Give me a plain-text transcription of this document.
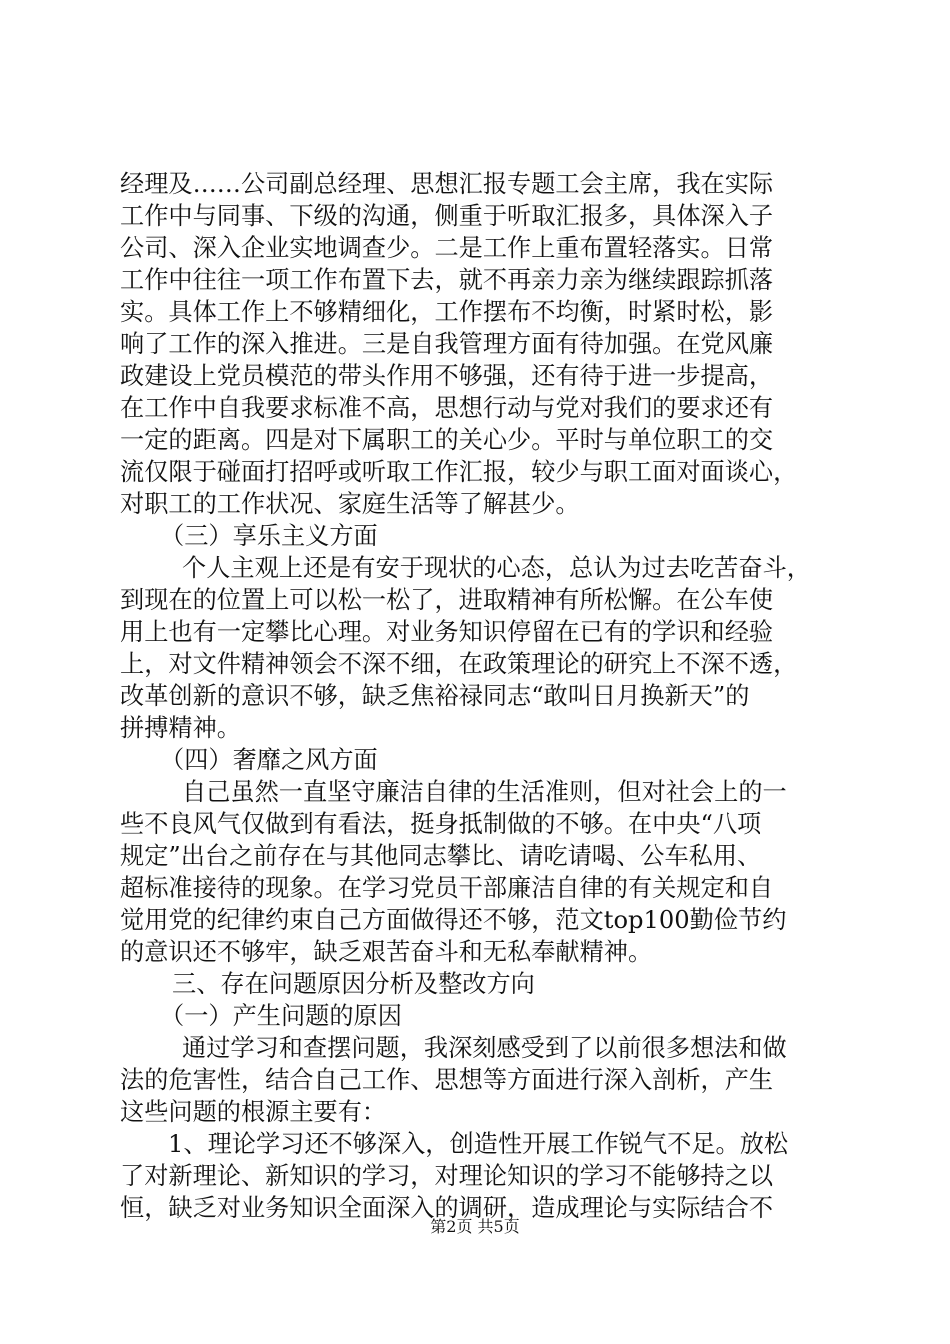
经理及……公司副总经理、思想汇报专题工会主席，我在实际
工作中与同事、下级的沟通，侧重于听取汇报多，具体深入子
公司、深入企业实地调查少。二是工作上重布置轻落实。日常
工作中往往一项工作布置下去，就不再亲力亲为继续跟踪抓落
实。具体工作上不够精细化，工作摆布不均衡，时紧时松，影
响了工作的深入推进。三是自我管理方面有待加强。在党风廉
政建设上党员模范的带头作用不够强，还有待于进一步提高，
在工作中自我要求标准不高，思想行动与党对我们的要求还有
一定的距离。四是对下属职工的关心少。平时与单位职工的交
流仅限于碰面打招呼或听取工作汇报，较少与职工面对面谈心，
对职工的工作状况、家庭生活等了解甚少。
（三）享乐主义方面
个人主观上还是有安于现状的心态，总认为过去吃苦奋斗，
到现在的位置上可以松一松了，进取精神有所松懈。在公车使
用上也有一定攀比心理。对业务知识停留在已有的学识和经验
上，对文件精神领会不深不细，在政策理论的研究上不深不透，
改革创新的意识不够，缺乏焦裕禄同志“敢叫日月换新天”的
拼搏精神。
（四）奢靡之风方面
自己虽然一直坚守廉洁自律的生活准则，但对社会上的一
些不良风气仅做到有看法，挺身抵制做的不够。在中央“八项
规定”出台之前存在与其他同志攀比、请吃请喝、公车私用、
超标准接待的现象。在学习党员干部廉洁自律的有关规定和自
觉用党的纪律约束自己方面做得还不够，范文top100勤俭节约
的意识还不够牢，缺乏艰苦奋斗和无私奉献精神。
三、存在问题原因分析及整改方向
（一）产生问题的原因
通过学习和查摆问题，我深刻感受到了以前很多想法和做
法的危害性，结合自己工作、思想等方面进行深入剖析，产生
这些问题的根源主要有：
1、理论学习还不够深入，创造性开展工作锐气不足。放松
了对新理论、新知识的学习，对理论知识的学习不能够持之以
恒，缺乏对业务知识全面深入的调研，造成理论与实际结合不
第2页 共5页
